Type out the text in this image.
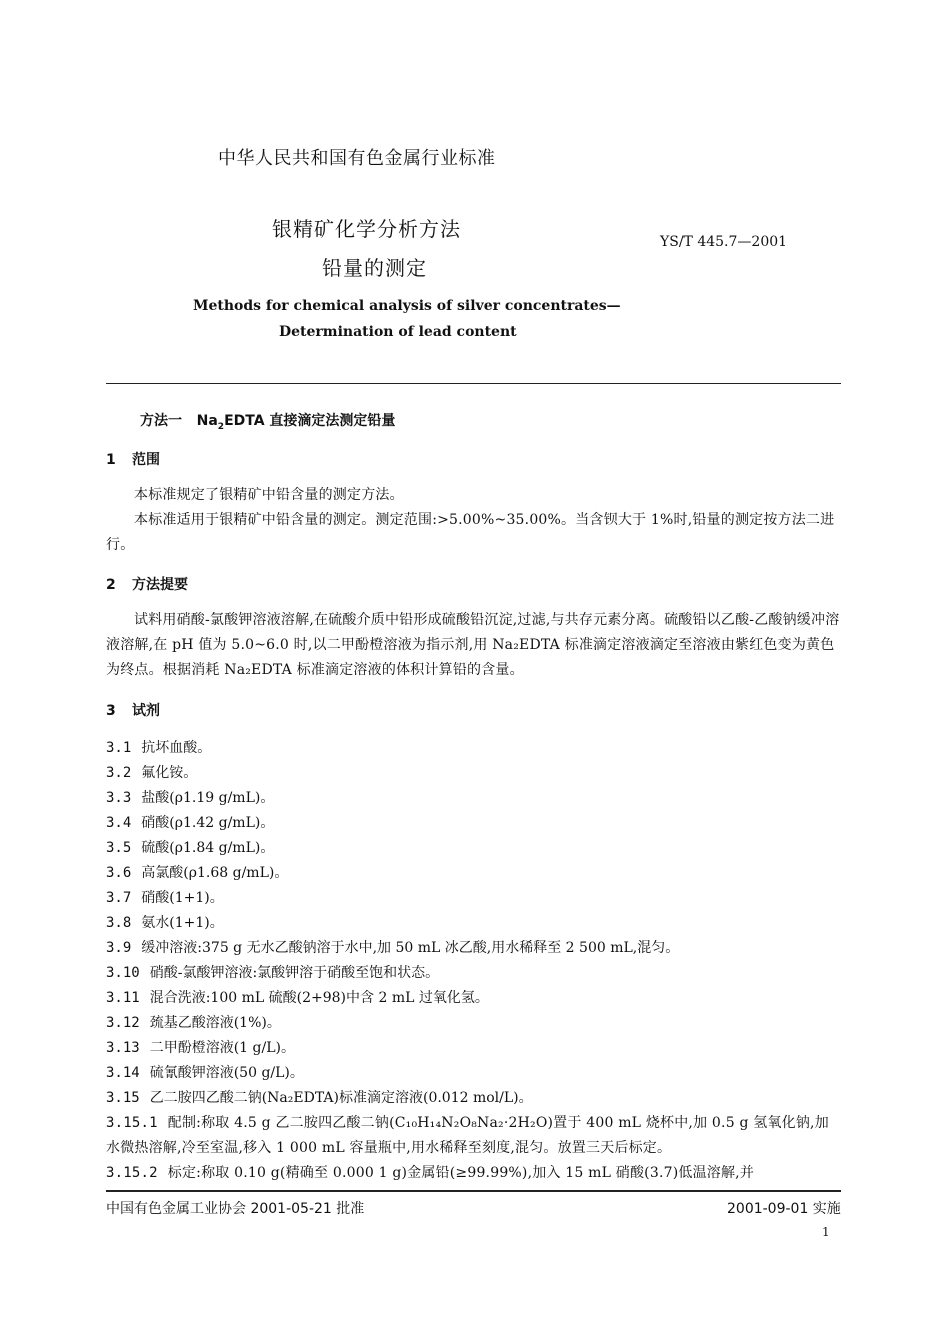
中华人民共和国有色金属行业标准
银精矿化学分析方法
铅量的测定
YS/T 445.7—2001
Methods for chemical analysis of silver concentrates—
Determination of lead content
方法一 $Na_2EDTA$ 直接滴定法测定铅量
1 范围
本标准规定了银精矿中铅含量的测定方法。
本标准适用于银精矿中铅含量的测定。测定范围:>5.00%~35.00%。当含钡大于 1%时,铅量的测定按方法二进行。
2 方法提要
试料用硝酸-氯酸钾溶液溶解,在硫酸介质中铅形成硫酸铅沉淀,过滤,与共存元素分离。硫酸铅以乙酸-乙酸钠缓冲溶液溶解,在 pH 值为 5.0~6.0 时,以二甲酚橙溶液为指示剂,用 Na₂EDTA 标准滴定溶液滴定至溶液由紫红色变为黄色为终点。根据消耗 Na₂EDTA 标准滴定溶液的体积计算铅的含量。
3 试剂
3.1 抗坏血酸。
3.2 氟化铵。
3.3 盐酸(ρ1.19 g/mL)。
3.4 硝酸(ρ1.42 g/mL)。
3.5 硫酸(ρ1.84 g/mL)。
3.6 高氯酸(ρ1.68 g/mL)。
3.7 硝酸(1+1)。
3.8 氨水(1+1)。
3.9 缓冲溶液:375 g 无水乙酸钠溶于水中,加 50 mL 冰乙酸,用水稀释至 2 500 mL,混匀。
3.10 硝酸-氯酸钾溶液:氯酸钾溶于硝酸至饱和状态。
3.11 混合洗液:100 mL 硫酸(2+98)中含 2 mL 过氧化氢。
3.12 巯基乙酸溶液(1%)。
3.13 二甲酚橙溶液(1 g/L)。
3.14 硫氰酸钾溶液(50 g/L)。
3.15 乙二胺四乙酸二钠(Na₂EDTA)标准滴定溶液(0.012 mol/L)。
3.15.1 配制:称取 4.5 g 乙二胺四乙酸二钠(C₁₀H₁₄N₂O₈Na₂·2H₂O)置于 400 mL 烧杯中,加 0.5 g 氢氧化钠,加水微热溶解,冷至室温,移入 1 000 mL 容量瓶中,用水稀释至刻度,混匀。放置三天后标定。
3.15.2 标定:称取 0.10 g(精确至 0.000 1 g)金属铅(≥99.99%),加入 15 mL 硝酸(3.7)低温溶解,并
中国有色金属工业协会 2001-05-21 批准	2001-09-01 实施
1
